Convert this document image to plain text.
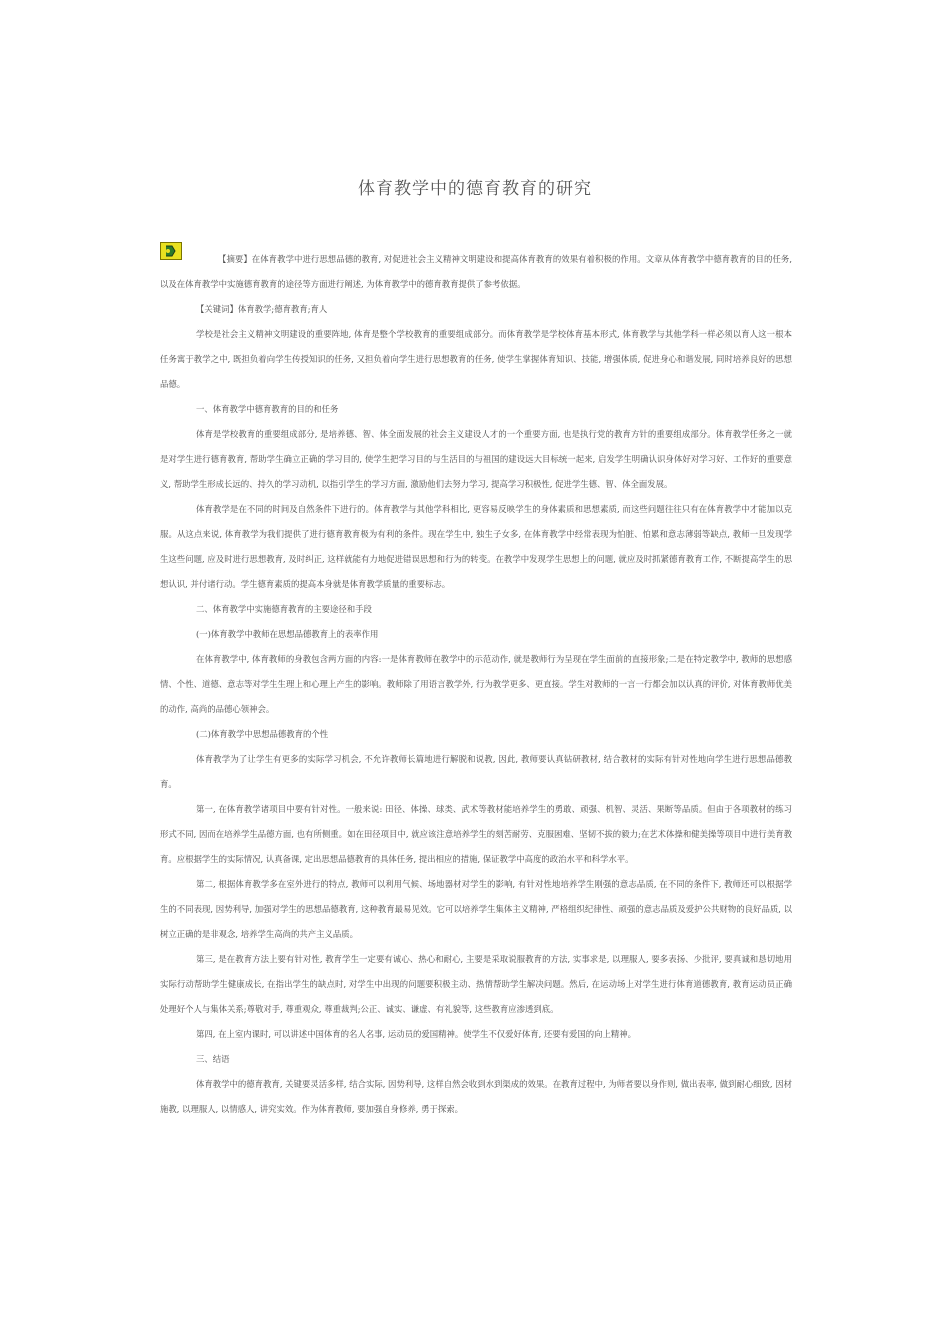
体育教学中的德育教育的研究

【摘要】在体育教学中进行思想品德的教育, 对促进社会主义精神文明建设和提高体育教育的效果有着积极的作用。文章从体育教学中德育教育的目的任务, 以及在体育教学中实施德育教育的途径等方面进行阐述, 为体育教学中的德育教育提供了参考依据。

【关键词】体育教学;德育教育;育人

学校是社会主义精神文明建设的重要阵地, 体育是整个学校教育的重要组成部分。而体育教学是学校体育基本形式, 体育教学与其他学科一样必须以育人这一根本任务寓于教学之中, 既担负着向学生传授知识的任务, 又担负着向学生进行思想教育的任务, 使学生掌握体育知识、技能, 增强体质, 促进身心和谐发展, 同时培养良好的思想品德。

一、体育教学中德育教育的目的和任务

体育是学校教育的重要组成部分, 是培养德、智、体全面发展的社会主义建设人才的一个重要方面, 也是执行党的教育方针的重要组成部分。体育教学任务之一就是对学生进行德育教育, 帮助学生确立正确的学习目的, 使学生把学习目的与生活目的与祖国的建设远大目标统一起来, 启发学生明确认识身体好对学习好、工作好的重要意义, 帮助学生形成长远的、持久的学习动机, 以指引学生的学习方面, 激励他们去努力学习, 提高学习积极性, 促进学生德、智、体全面发展。

体育教学是在不同的时间及自然条件下进行的。体育教学与其他学科相比, 更容易反映学生的身体素质和思想素质, 而这些问题往往只有在体育教学中才能加以克服。从这点来说, 体育教学为我们提供了进行德育教育极为有利的条件。现在学生中, 独生子女多, 在体育教学中经常表现为怕脏、怕累和意志薄弱等缺点, 教师一旦发现学生这些问题, 应及时进行思想教育, 及时纠正, 这样就能有力地促进错误思想和行为的转变。在教学中发现学生思想上的问题, 就应及时抓紧德育教育工作, 不断提高学生的思想认识, 并付诸行动。学生德育素质的提高本身就是体育教学质量的重要标志。

二、体育教学中实施德育教育的主要途径和手段

(一)体育教学中教师在思想品德教育上的表率作用

在体育教学中, 体育教师的身教包含两方面的内容:一是体育教师在教学中的示范动作, 就是教师行为呈现在学生面前的直接形象;二是在特定教学中, 教师的思想感情、个性、道德、意志等对学生生理上和心理上产生的影响。教师除了用语言教学外, 行为教学更多、更直接。学生对教师的一言一行都会加以认真的评价, 对体育教师优美的动作, 高尚的品德心领神会。

(二)体育教学中思想品德教育的个性

体育教学为了让学生有更多的实际学习机会, 不允许教师长篇地进行解脱和说教, 因此, 教师要认真钻研教材, 结合教材的实际有针对性地向学生进行思想品德教育。

第一, 在体育教学诸项目中要有针对性。一般来说: 田径、体操、球类、武术等教材能培养学生的勇敢、顽强、机智、灵活、果断等品质。但由于各项教材的练习形式不同, 因而在培养学生品德方面, 也有所侧重。如在田径项目中, 就应该注意培养学生的刻苦耐劳、克服困难、坚韧不拔的毅力;在艺术体操和健美操等项目中进行美育教育。应根据学生的实际情况, 认真备课, 定出思想品德教育的具体任务, 提出相应的措施, 保证教学中高度的政治水平和科学水平。

第二, 根据体育教学多在室外进行的特点, 教师可以利用气候、场地器材对学生的影响, 有针对性地培养学生刚强的意志品质, 在不同的条件下, 教师还可以根据学生的不同表现, 因势利导, 加强对学生的思想品德教育, 这种教育最易见效。它可以培养学生集体主义精神, 严格组织纪律性、顽强的意志品质及爱护公共财物的良好品质, 以树立正确的是非观念, 培养学生高尚的共产主义品质。

第三, 是在教育方法上要有针对性, 教育学生一定要有诚心、热心和耐心, 主要是采取说服教育的方法, 实事求是, 以理服人, 要多表扬、少批评, 要真诚和恳切地用实际行动帮助学生健康成长, 在指出学生的缺点时, 对学生中出现的问题要积极主动、热情帮助学生解决问题。然后, 在运动场上对学生进行体育道德教育, 教育运动员正确处理好个人与集体关系;尊敬对手, 尊重观众, 尊重裁判;公正、诚实、谦虚、有礼貌等, 这些教育应渗透到底。

第四, 在上室内课时, 可以讲述中国体育的名人名事, 运动员的爱国精神。使学生不仅爱好体育, 还要有爱国的向上精神。

三、结语

体育教学中的德育教育, 关键要灵活多样, 结合实际, 因势利导, 这样自然会收到水到渠成的效果。在教育过程中, 为师者要以身作则, 做出表率, 做到耐心细致, 因材施教, 以理服人, 以情感人, 讲究实效。作为体育教师, 要加强自身修养, 勇于探索。
